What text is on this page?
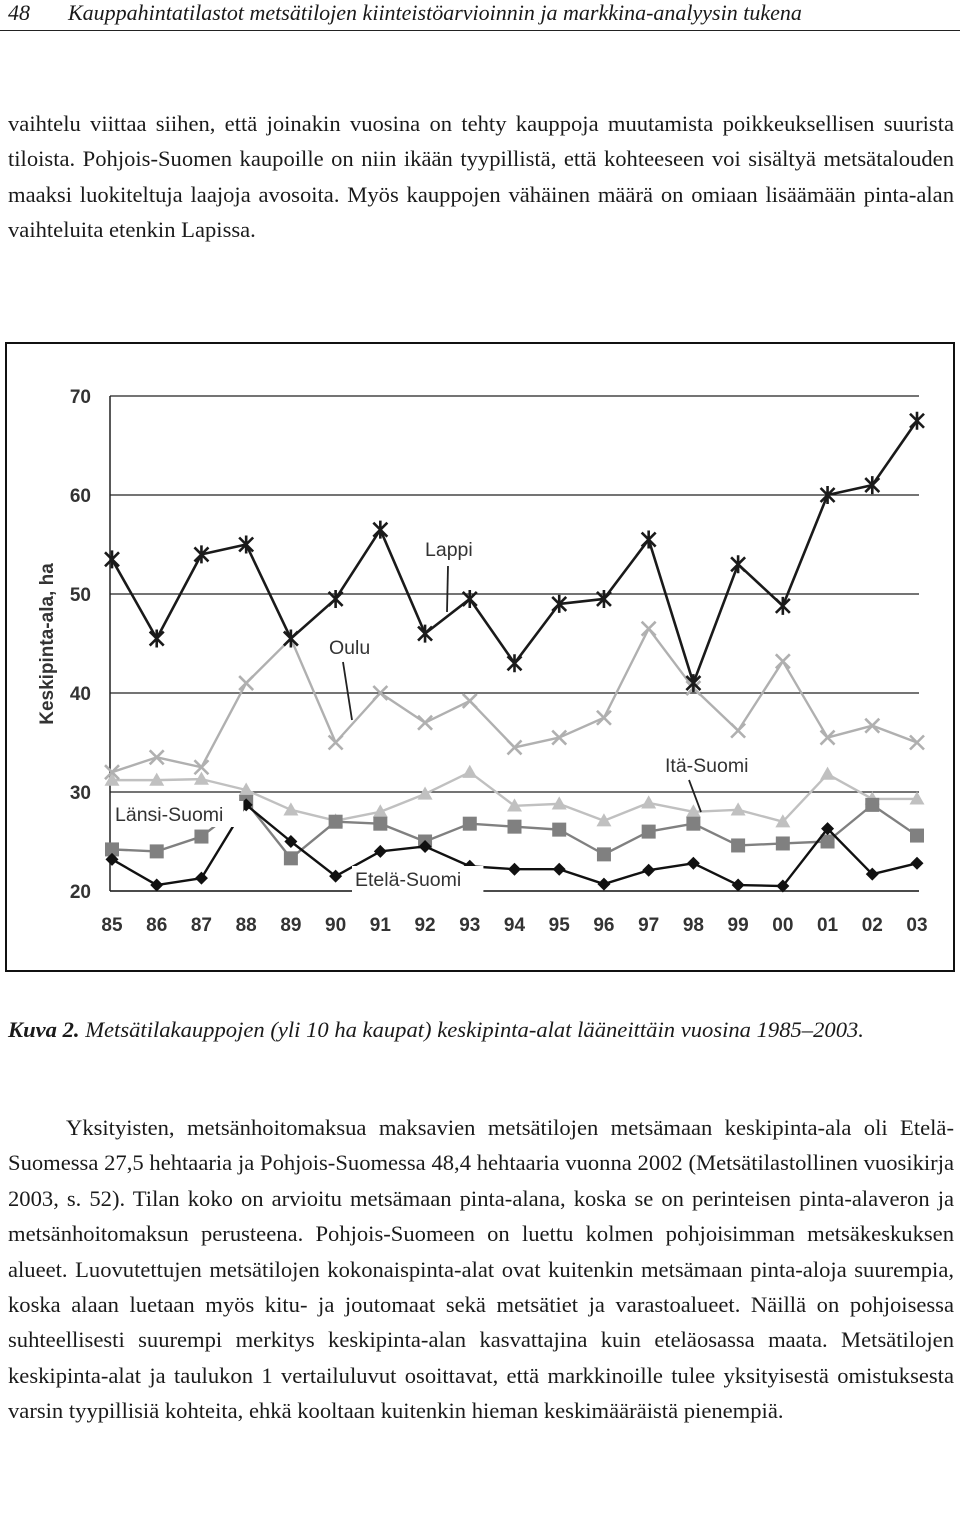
48 Kauppahintatilastot metsätilojen kiinteistöarvioinnin ja markkina-analyysin tukena

vaihtelu viittaa siihen, että joinakin vuosina on tehty kauppoja muutamista poikkeuksellisen suurista tiloista. Pohjois-Suomen kaupoille on niin ikään tyypillistä, että kohteeseen voi sisältyä metsätalouden maaksi luokiteltuja laajoja avosoita. Myös kauppojen vähäinen määrä on omiaan lisäämään pinta-alan vaihteluita etenkin Lapissa.

20
30
40
50
60
70
85 86 87 88 89 90 91 92 93 94 95 96 97 98 99 00 01 02 03
Keskipinta-ala, ha
Lappi
Oulu
Itä-Suomi
Länsi-Suomi
Etelä-Suomi

Kuva 2. Metsätilakauppojen (yli 10 ha kaupat) keskipinta-alat lääneittäin vuosina 1985–2003.

Yksityisten, metsänhoitomaksua maksavien metsätilojen metsämaan keskipinta-ala oli Etelä-Suomessa 27,5 hehtaaria ja Pohjois-Suomessa 48,4 hehtaaria vuonna 2002 (Metsätilastollinen vuosikirja 2003, s. 52). Tilan koko on arvioitu metsämaan pinta-alana, koska se on perinteisen pinta-alaveron ja metsänhoitomaksun perusteena. Pohjois-Suomeen on luettu kolmen pohjoisimman metsäkeskuksen alueet. Luovutettujen metsätilojen kokonaispinta-alat ovat kuitenkin metsämaan pinta-aloja suurempia, koska alaan luetaan myös kitu- ja joutomaat sekä metsätiet ja varastoalueet. Näillä on pohjoisessa suhteellisesti suurempi merkitys keskipinta-alan kasvattajina kuin eteläosassa maata. Metsätilojen keskipinta-alat ja taulukon 1 vertailuluvut osoittavat, että markkinoille tulee yksityisestä omistuksesta varsin tyypillisiä kohteita, ehkä kooltaan kuitenkin hieman keskimääräistä pienempiä.
